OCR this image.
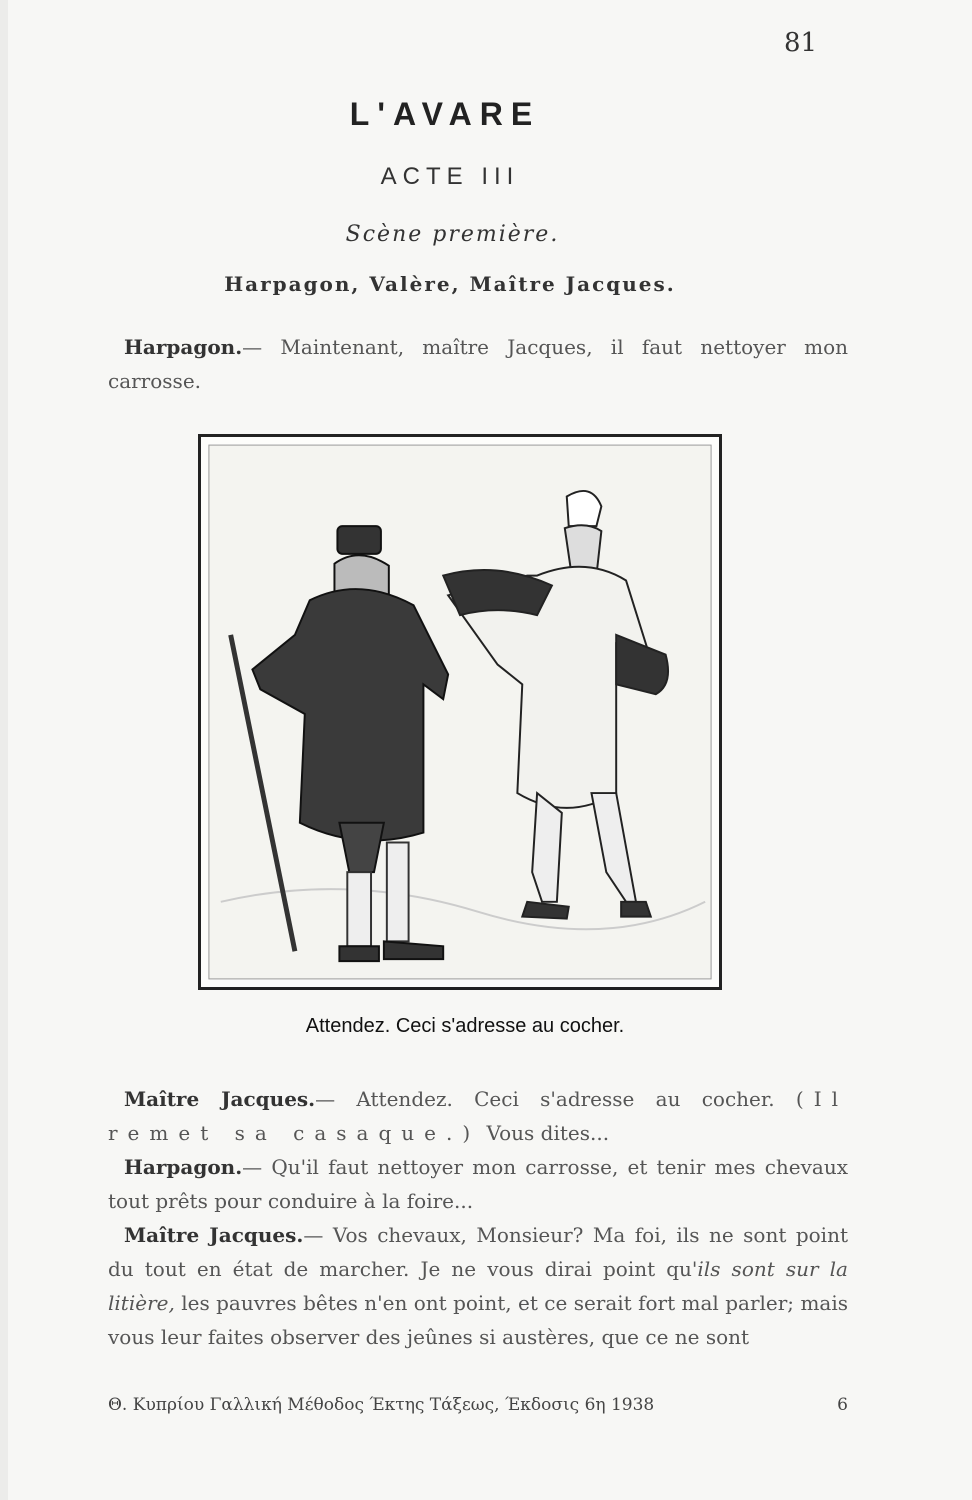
81
L'AVARE
ACTE III
Scène première.
Harpagon, Valère, Maître Jacques.
Harpagon.— Maintenant, maître Jacques, il faut nettoyer mon carrosse.
Attendez. Ceci s'adresse au cocher.
Maître Jacques.— Attendez. Ceci s'adresse au cocher. (Il remet sa casaque.) Vous dites...
Harpagon.— Qu'il faut nettoyer mon carrosse, et tenir mes chevaux tout prêts pour conduire à la foire...
Maître Jacques.— Vos chevaux, Monsieur? Ma foi, ils ne sont point du tout en état de marcher. Je ne vous dirai point qu'ils sont sur la litière, les pauvres bêtes n'en ont point, et ce serait fort mal parler; mais vous leur faites observer des jeûnes si austères, que ce ne sont
Θ. Κυπρίου Γαλλική Μέθοδος Έκτης Τάξεως, Έκδοσις 6η 1938	6
